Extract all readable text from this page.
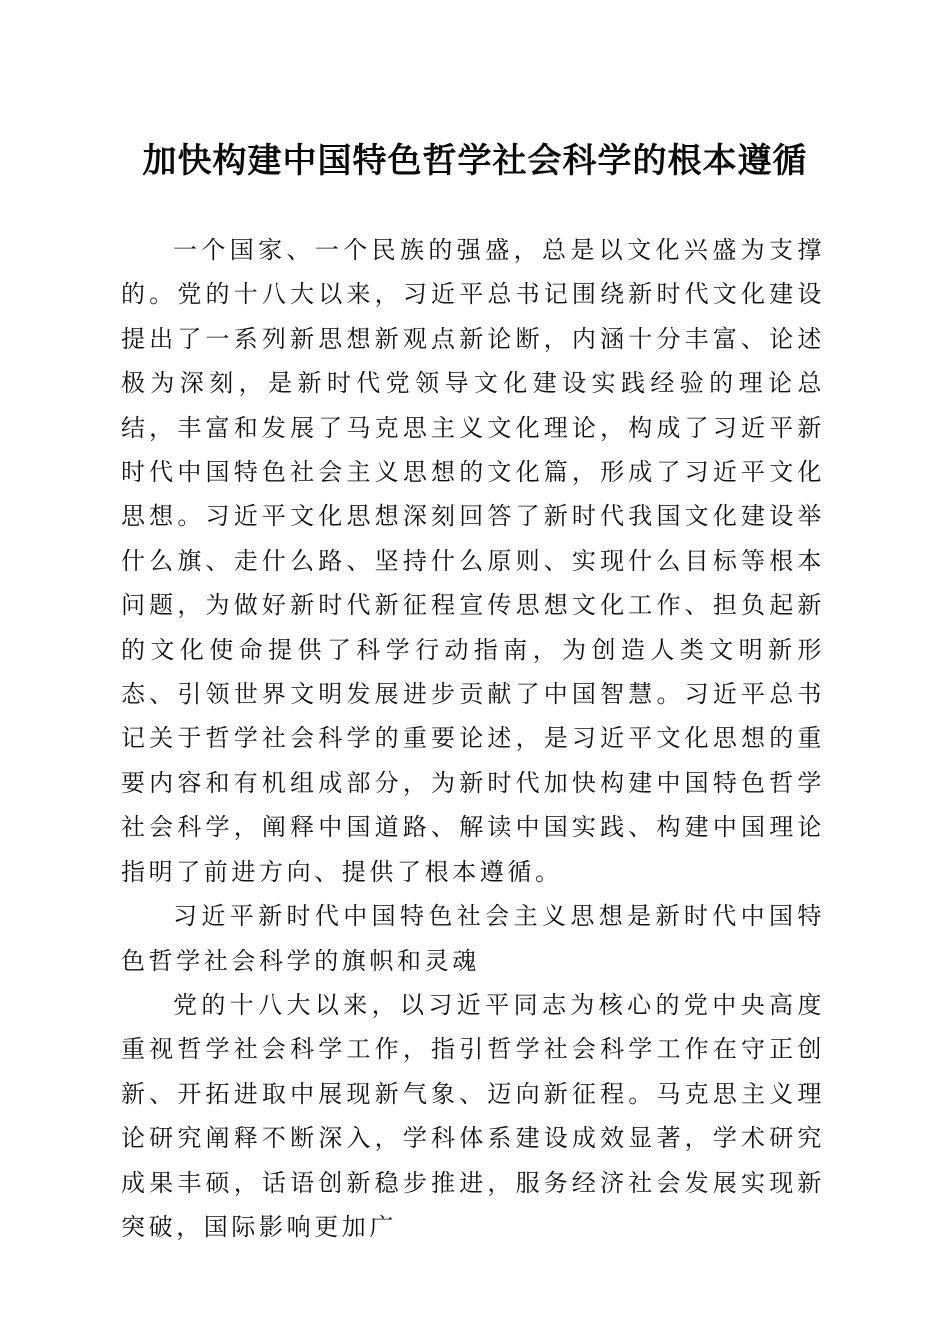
加快构建中国特色哲学社会科学的根本遵循

一个国家、一个民族的强盛，总是以文化兴盛为支撑的。党的十八大以来，习近平总书记围绕新时代文化建设提出了一系列新思想新观点新论断，内涵十分丰富、论述极为深刻，是新时代党领导文化建设实践经验的理论总结，丰富和发展了马克思主义文化理论，构成了习近平新时代中国特色社会主义思想的文化篇，形成了习近平文化思想。习近平文化思想深刻回答了新时代我国文化建设举什么旗、走什么路、坚持什么原则、实现什么目标等根本问题，为做好新时代新征程宣传思想文化工作、担负起新的文化使命提供了科学行动指南，为创造人类文明新形态、引领世界文明发展进步贡献了中国智慧。习近平总书记关于哲学社会科学的重要论述，是习近平文化思想的重要内容和有机组成部分，为新时代加快构建中国特色哲学社会科学，阐释中国道路、解读中国实践、构建中国理论指明了前进方向、提供了根本遵循。

习近平新时代中国特色社会主义思想是新时代中国特色哲学社会科学的旗帜和灵魂

党的十八大以来，以习近平同志为核心的党中央高度重视哲学社会科学工作，指引哲学社会科学工作在守正创新、开拓进取中展现新气象、迈向新征程。马克思主义理论研究阐释不断深入，学科体系建设成效显著，学术研究成果丰硕，话语创新稳步推进，服务经济社会发展实现新突破，国际影响更加广
